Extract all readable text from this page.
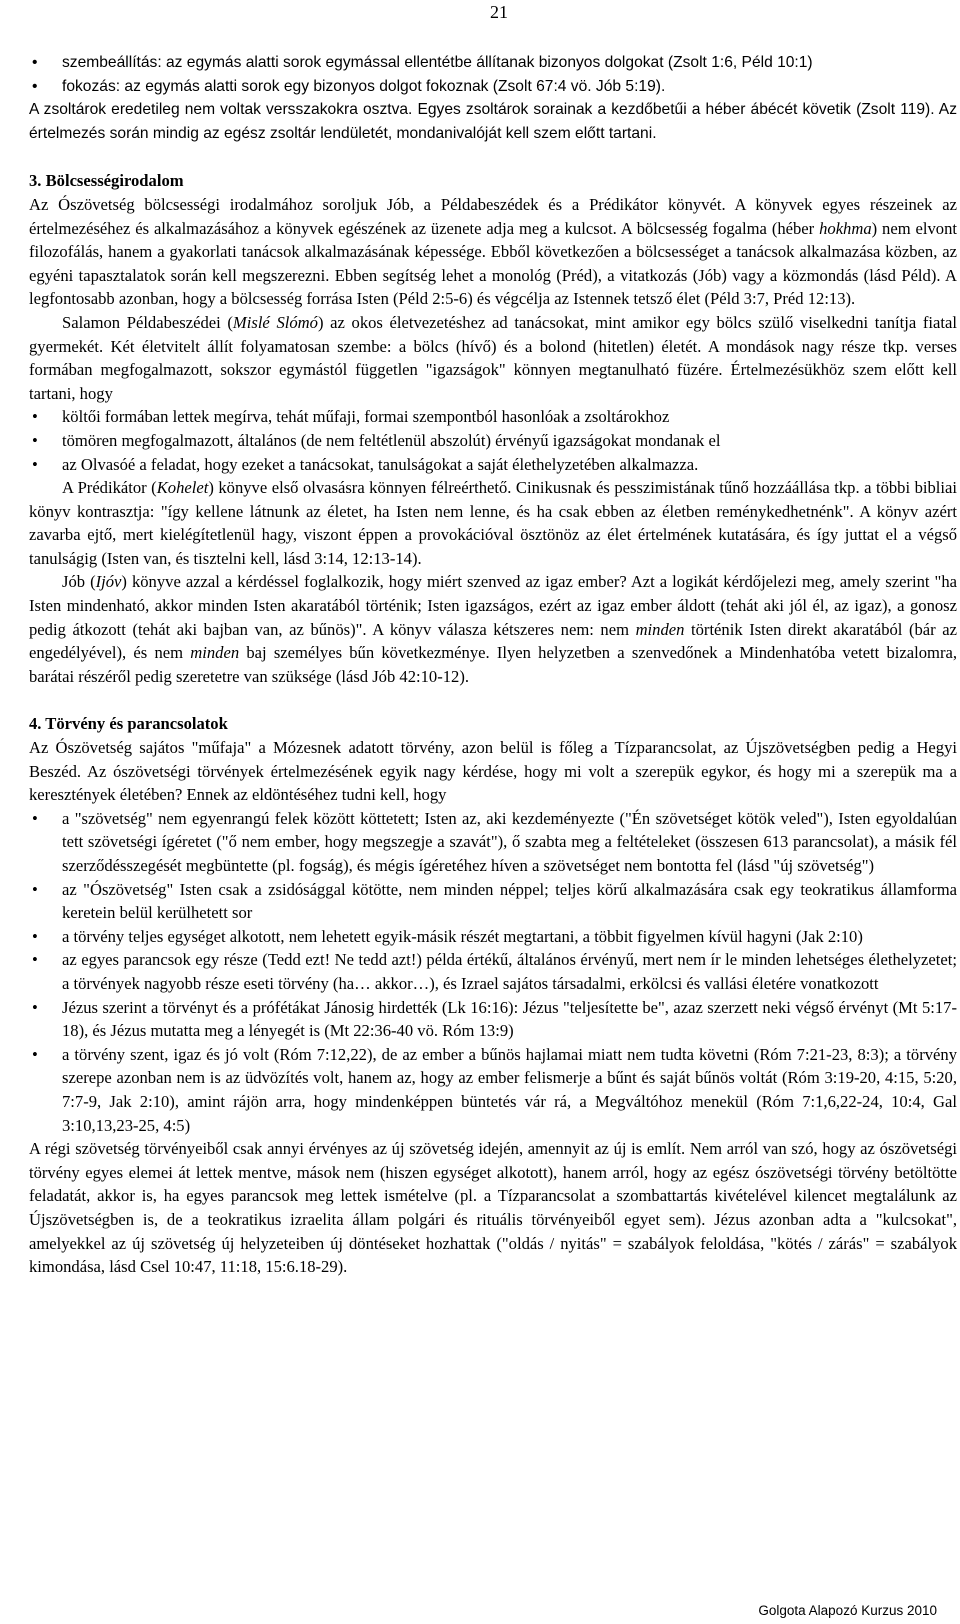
21
• szembeállítás: az egymás alatti sorok egymással ellentétbe állítanak bizonyos dolgokat (Zsolt 1:6, Péld 10:1)
• fokozás: az egymás alatti sorok egy bizonyos dolgot fokoznak (Zsolt 67:4 vö. Jób 5:19).

A zsoltárok eredetileg nem voltak versszakokra osztva. Egyes zsoltárok sorainak a kezdőbetűi a héber ábécét követik (Zsolt 119). Az értelmezés során mindig az egész zsoltár lendületét, mondanivalóját kell szem előtt tartani.

3. Bölcsességirodalom

Az Ószövetség bölcsességi irodalmához soroljuk Jób, a Példabeszédek és a Prédikátor könyvét. A könyvek egyes részeinek az értelmezéséhez és alkalmazásához a könyvek egészének az üzenete adja meg a kulcsot. A bölcsesség fogalma (héber hokhma) nem elvont filozofálás, hanem a gyakorlati tanácsok alkalmazásának képessége. Ebből következően a bölcsességet a tanácsok alkalmazása közben, az egyéni tapasztalatok során kell megszerezni. Ebben segítség lehet a monológ (Préd), a vitatkozás (Jób) vagy a közmondás (lásd Péld). A legfontosabb azonban, hogy a bölcsesség forrása Isten (Péld 2:5-6) és végcélja az Istennek tetsző élet (Péld 3:7, Préd 12:13).

Salamon Példabeszédei (Mislé Slómó) az okos életvezetéshez ad tanácsokat, mint amikor egy bölcs szülő viselkedni tanítja fiatal gyermekét. Két életvitelt állít folyamatosan szembe: a bölcs (hívő) és a bolond (hitetlen) életét. A mondások nagy része tkp. verses formában megfogalmazott, sokszor egymástól független "igazságok" könnyen megtanulható füzére. Értelmezésükhöz szem előtt kell tartani, hogy

• költői formában lettek megírva, tehát műfaji, formai szempontból hasonlóak a zsoltárokhoz
• tömören megfogalmazott, általános (de nem feltétlenül abszolút) érvényű igazságokat mondanak el
• az Olvasóé a feladat, hogy ezeket a tanácsokat, tanulságokat a saját élethelyzetében alkalmazza.

A Prédikátor (Kohelet) könyve első olvasásra könnyen félreérthető. Cinikusnak és pesszimistának tűnő hozzáállása tkp. a többi bibliai könyv kontrasztja: "így kellene látnunk az életet, ha Isten nem lenne, és ha csak ebben az életben reménykedhetnénk". A könyv azért zavarba ejtő, mert kielégítetlenül hagy, viszont éppen a provokációval ösztönöz az élet értelmének kutatására, és így juttat el a végső tanulságig (Isten van, és tisztelni kell, lásd 3:14, 12:13-14).

Jób (Ijóv) könyve azzal a kérdéssel foglalkozik, hogy miért szenved az igaz ember? Azt a logikát kérdőjelezi meg, amely szerint "ha Isten mindenható, akkor minden Isten akaratából történik; Isten igazságos, ezért az igaz ember áldott (tehát aki jól él, az igaz), a gonosz pedig átkozott (tehát aki bajban van, az bűnös)". A könyv válasza kétszeres nem: nem minden történik Isten direkt akaratából (bár az engedélyével), és nem minden baj személyes bűn következménye. Ilyen helyzetben a szenvedőnek a Mindenhatóba vetett bizalomra, barátai részéről pedig szeretetre van szüksége (lásd Jób 42:10-12).

4. Törvény és parancsolatok

Az Ószövetség sajátos "műfaja" a Mózesnek adatott törvény, azon belül is főleg a Tízparancsolat, az Újszövetségben pedig a Hegyi Beszéd. Az ószövetségi törvények értelmezésének egyik nagy kérdése, hogy mi volt a szerepük egykor, és hogy mi a szerepük ma a keresztények életében? Ennek az eldöntéséhez tudni kell, hogy

• a "szövetség" nem egyenrangú felek között köttetett; Isten az, aki kezdeményezte ("Én szövetséget kötök veled"), Isten egyoldalúan tett szövetségi ígéretet ("ő nem ember, hogy megszegje a szavát"), ő szabta meg a feltételeket (összesen 613 parancsolat), a másik fél szerződésszegését megbüntette (pl. fogság), és mégis ígéretéhez híven a szövetséget nem bontotta fel (lásd "új szövetség")
• az "Ószövetség" Isten csak a zsidósággal kötötte, nem minden néppel; teljes körű alkalmazására csak egy teokratikus államforma keretein belül kerülhetett sor
• a törvény teljes egységet alkotott, nem lehetett egyik-másik részét megtartani, a többit figyelmen kívül hagyni (Jak 2:10)
• az egyes parancsok egy része (Tedd ezt! Ne tedd azt!) példa értékű, általános érvényű, mert nem ír le minden lehetséges élethelyzetet; a törvények nagyobb része eseti törvény (ha… akkor…), és Izrael sajátos társadalmi, erkölcsi és vallási életére vonatkozott
• Jézus szerint a törvényt és a prófétákat Jánosig hirdették (Lk 16:16): Jézus "teljesítette be", azaz szerzett neki végső érvényt (Mt 5:17-18), és Jézus mutatta meg a lényegét is (Mt 22:36-40 vö. Róm 13:9)
• a törvény szent, igaz és jó volt (Róm 7:12,22), de az ember a bűnös hajlamai miatt nem tudta követni (Róm 7:21-23, 8:3); a törvény szerepe azonban nem is az üdvözítés volt, hanem az, hogy az ember felismerje a bűnt és saját bűnös voltát (Róm 3:19-20, 4:15, 5:20, 7:7-9, Jak 2:10), amint rájön arra, hogy mindenképpen büntetés vár rá, a Megváltóhoz menekül (Róm 7:1,6,22-24, 10:4, Gal 3:10,13,23-25, 4:5)

A régi szövetség törvényeiből csak annyi érvényes az új szövetség idején, amennyit az új is említ. Nem arról van szó, hogy az ószövetségi törvény egyes elemei át lettek mentve, mások nem (hiszen egységet alkotott), hanem arról, hogy az egész ószövetségi törvény betöltötte feladatát, akkor is, ha egyes parancsok meg lettek ismételve (pl. a Tízparancsolat a szombattartás kivételével kilencet megtalálunk az Újszövetségben is, de a teokratikus izraelita állam polgári és rituális törvényeiből egyet sem). Jézus azonban adta a "kulcsokat", amelyekkel az új szövetség új helyzeteiben új döntéseket hozhattak ("oldás / nyitás" = szabályok feloldása, "kötés / zárás" = szabályok kimondása, lásd Csel 10:47, 11:18, 15:6.18-29).

Golgota Alapozó Kurzus 2010
